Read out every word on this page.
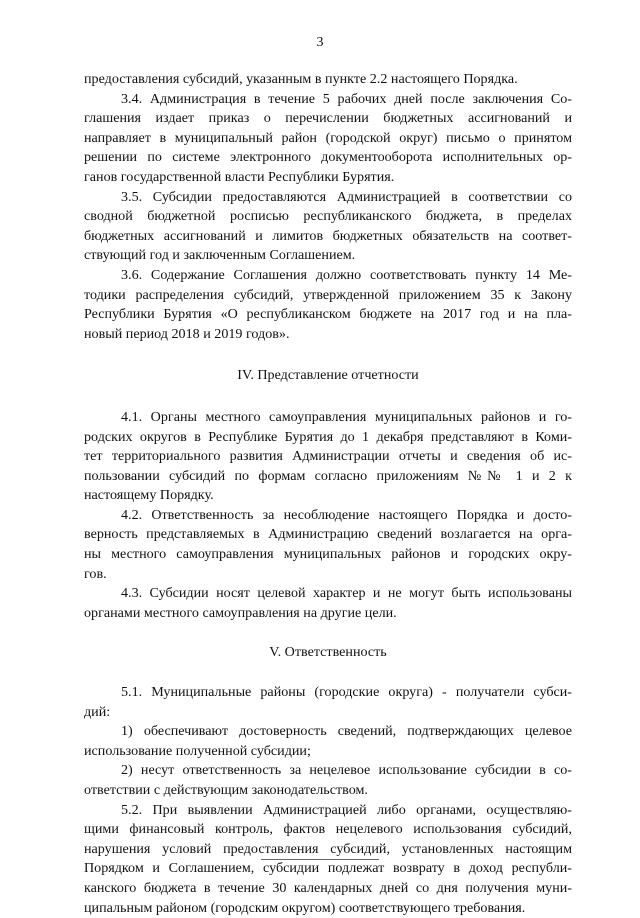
3
предоставления субсидий, указанным в пункте 2.2 настоящего Порядка.
3.4. Администрация в течение 5 рабочих дней после заключения Со-
глашения издает приказ о перечислении бюджетных ассигнований и
направляет в муниципальный район (городской округ) письмо о принятом
решении по системе электронного документооборота исполнительных ор-
ганов государственной власти Республики Бурятия.
3.5. Субсидии предоставляются Администрацией в соответствии со
сводной бюджетной росписью республиканского бюджета, в пределах
бюджетных ассигнований и лимитов бюджетных обязательств на соответ-
ствующий год и заключенным Соглашением.
3.6. Содержание Соглашения должно соответствовать пункту 14 Ме-
тодики распределения субсидий, утвержденной приложением 35 к Закону
Республики Бурятия «О республиканском бюджете на 2017 год и на пла-
новый период 2018 и 2019 годов».
IV. Представление отчетности
4.1. Органы местного самоуправления муниципальных районов и го-
родских округов в Республике Бурятия до 1 декабря представляют в Коми-
тет территориального развития Администрации отчеты и сведения об ис-
пользовании субсидий по формам согласно приложениям №№ 1 и 2 к
настоящему Порядку.
4.2. Ответственность за несоблюдение настоящего Порядка и досто-
верность представляемых в Администрацию сведений возлагается на орга-
ны местного самоуправления муниципальных районов и городских окру-
гов.
4.3. Субсидии носят целевой характер и не могут быть использованы
органами местного самоуправления на другие цели.
V. Ответственность
5.1. Муниципальные районы (городские округа) - получатели субси-
дий:
1) обеспечивают достоверность сведений, подтверждающих целевое
использование полученной субсидии;
2) несут ответственность за нецелевое использование субсидии в со-
ответствии с действующим законодательством.
5.2. При выявлении Администрацией либо органами, осуществляю-
щими финансовый контроль, фактов нецелевого использования субсидий,
нарушения условий предоставления субсидий, установленных настоящим
Порядком и Соглашением, субсидии подлежат возврату в доход республи-
канского бюджета в течение 30 календарных дней со дня получения муни-
ципальным районом (городским округом) соответствующего требования.
